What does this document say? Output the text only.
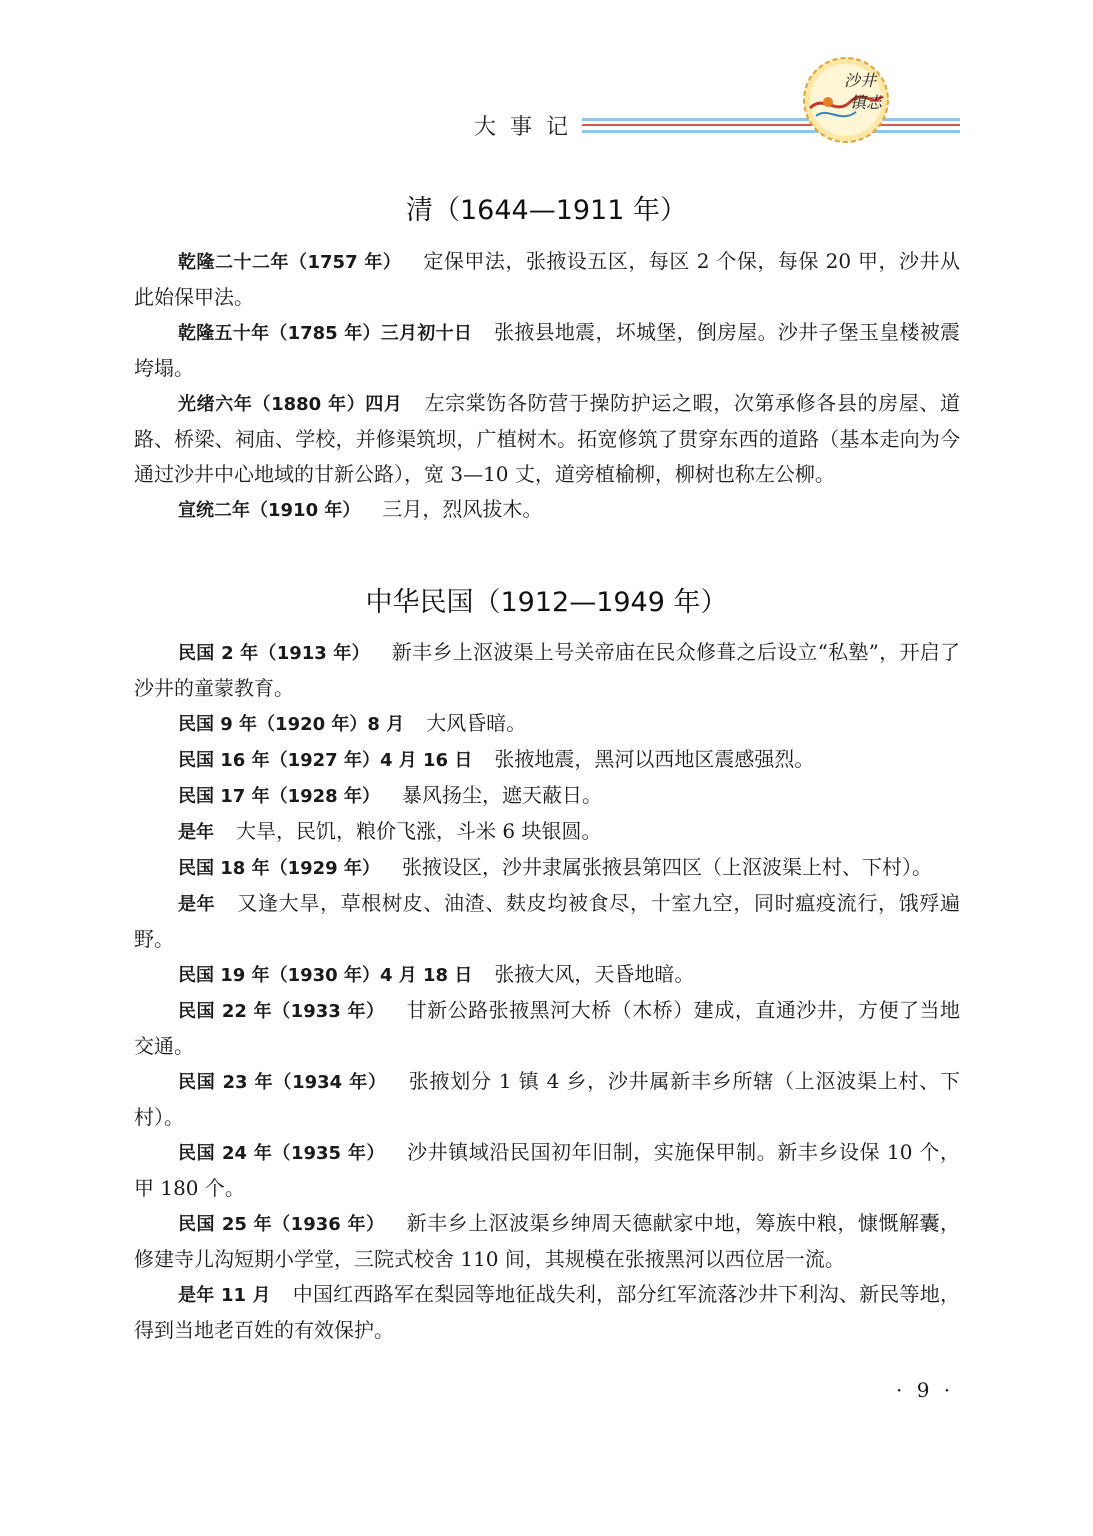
大事记
沙井
镇志
清（1644—1911 年）

乾隆二十二年（1757 年） 定保甲法，张掖设五区，每区 2 个保，每保 20 甲，沙井从此始保甲法。

乾隆五十年（1785 年）三月初十日 张掖县地震，坏城堡，倒房屋。沙井子堡玉皇楼被震垮塌。

光绪六年（1880 年）四月 左宗棠饬各防营于操防护运之暇，次第承修各县的房屋、道路、桥梁、祠庙、学校，并修渠筑坝，广植树木。拓宽修筑了贯穿东西的道路（基本走向为今通过沙井中心地域的甘新公路），宽 3—10 丈，道旁植榆柳，柳树也称左公柳。

宣统二年（1910 年） 三月，烈风拔木。

中华民国（1912—1949 年）

民国 2 年（1913 年） 新丰乡上沤波渠上号关帝庙在民众修葺之后设立“私塾”，开启了沙井的童蒙教育。

民国 9 年（1920 年）8 月 大风昏暗。

民国 16 年（1927 年）4 月 16 日 张掖地震，黑河以西地区震感强烈。

民国 17 年（1928 年） 暴风扬尘，遮天蔽日。

是年 大旱，民饥，粮价飞涨，斗米 6 块银圆。

民国 18 年（1929 年） 张掖设区，沙井隶属张掖县第四区（上沤波渠上村、下村）。

是年 又逢大旱，草根树皮、油渣、麸皮均被食尽，十室九空，同时瘟疫流行，饿殍遍野。

民国 19 年（1930 年）4 月 18 日 张掖大风，天昏地暗。

民国 22 年（1933 年） 甘新公路张掖黑河大桥（木桥）建成，直通沙井，方便了当地交通。

民国 23 年（1934 年） 张掖划分 1 镇 4 乡，沙井属新丰乡所辖（上沤波渠上村、下村）。

民国 24 年（1935 年） 沙井镇域沿民国初年旧制，实施保甲制。新丰乡设保 10 个，甲 180 个。

民国 25 年（1936 年） 新丰乡上沤波渠乡绅周天德献家中地，筹族中粮，慷慨解囊，修建寺儿沟短期小学堂，三院式校舍 110 间，其规模在张掖黑河以西位居一流。

是年 11 月 中国红西路军在梨园等地征战失利，部分红军流落沙井下利沟、新民等地，得到当地老百姓的有效保护。

· 9 ·
